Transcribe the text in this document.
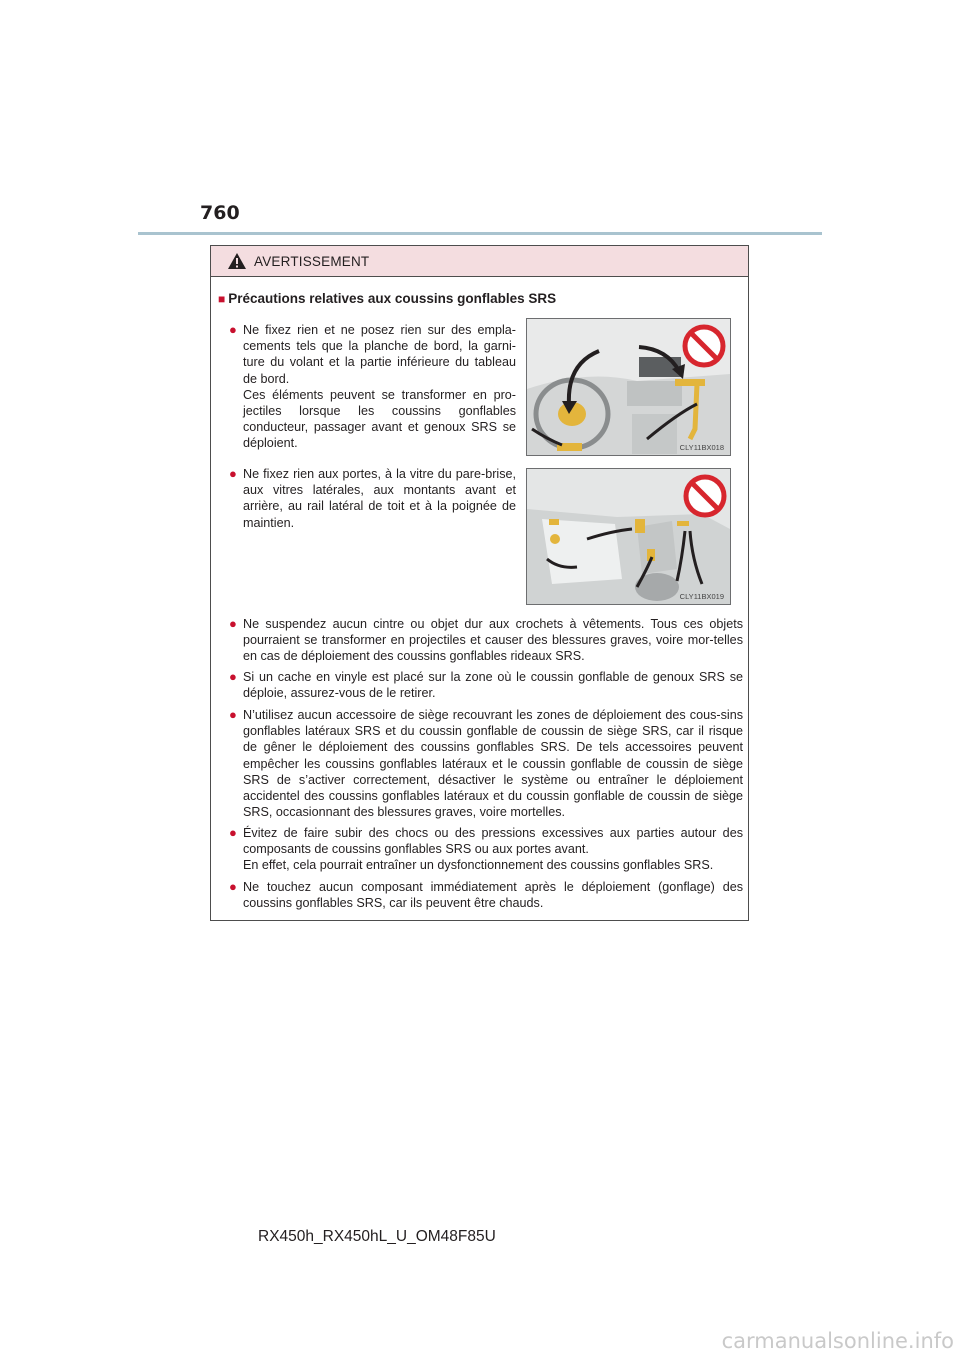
760
AVERTISSEMENT
■ Précautions relatives aux coussins gonflables SRS
● Ne fixez rien et ne posez rien sur des empla-cements tels que la planche de bord, la garni-ture du volant et la partie inférieure du tableau de bord.
Ces éléments peuvent se transformer en pro-jectiles lorsque les coussins gonflables conducteur, passager avant et genoux SRS se déploient.	CLY11BX018
● Ne fixez rien aux portes, à la vitre du pare-brise, aux vitres latérales, aux montants avant et arrière, au rail latéral de toit et à la poignée de maintien.
CLY11BX019
● Ne suspendez aucun cintre ou objet dur aux crochets à vêtements. Tous ces objets pourraient se transformer en projectiles et causer des blessures graves, voire mor-telles en cas de déploiement des coussins gonflables rideaux SRS.
● Si un cache en vinyle est placé sur la zone où le coussin gonflable de genoux SRS se déploie, assurez-vous de le retirer.
● N’utilisez aucun accessoire de siège recouvrant les zones de déploiement des cous-sins gonflables latéraux SRS et du coussin gonflable de coussin de siège SRS, car il risque de gêner le déploiement des coussins gonflables SRS. De tels accessoires peuvent empêcher les coussins gonflables latéraux et le coussin gonflable de coussin de siège SRS de s’activer correctement, désactiver le système ou entraîner le déploiement accidentel des coussins gonflables latéraux et du coussin gonflable de coussin de siège SRS, occasionnant des blessures graves, voire mortelles.
● Évitez de faire subir des chocs ou des pressions excessives aux parties autour des composants de coussins gonflables SRS ou aux portes avant.
En effet, cela pourrait entraîner un dysfonctionnement des coussins gonflables SRS.
● Ne touchez aucun composant immédiatement après le déploiement (gonflage) des coussins gonflables SRS, car ils peuvent être chauds.
RX450h_RX450hL_U_OM48F85U
carmanualsonline.info
